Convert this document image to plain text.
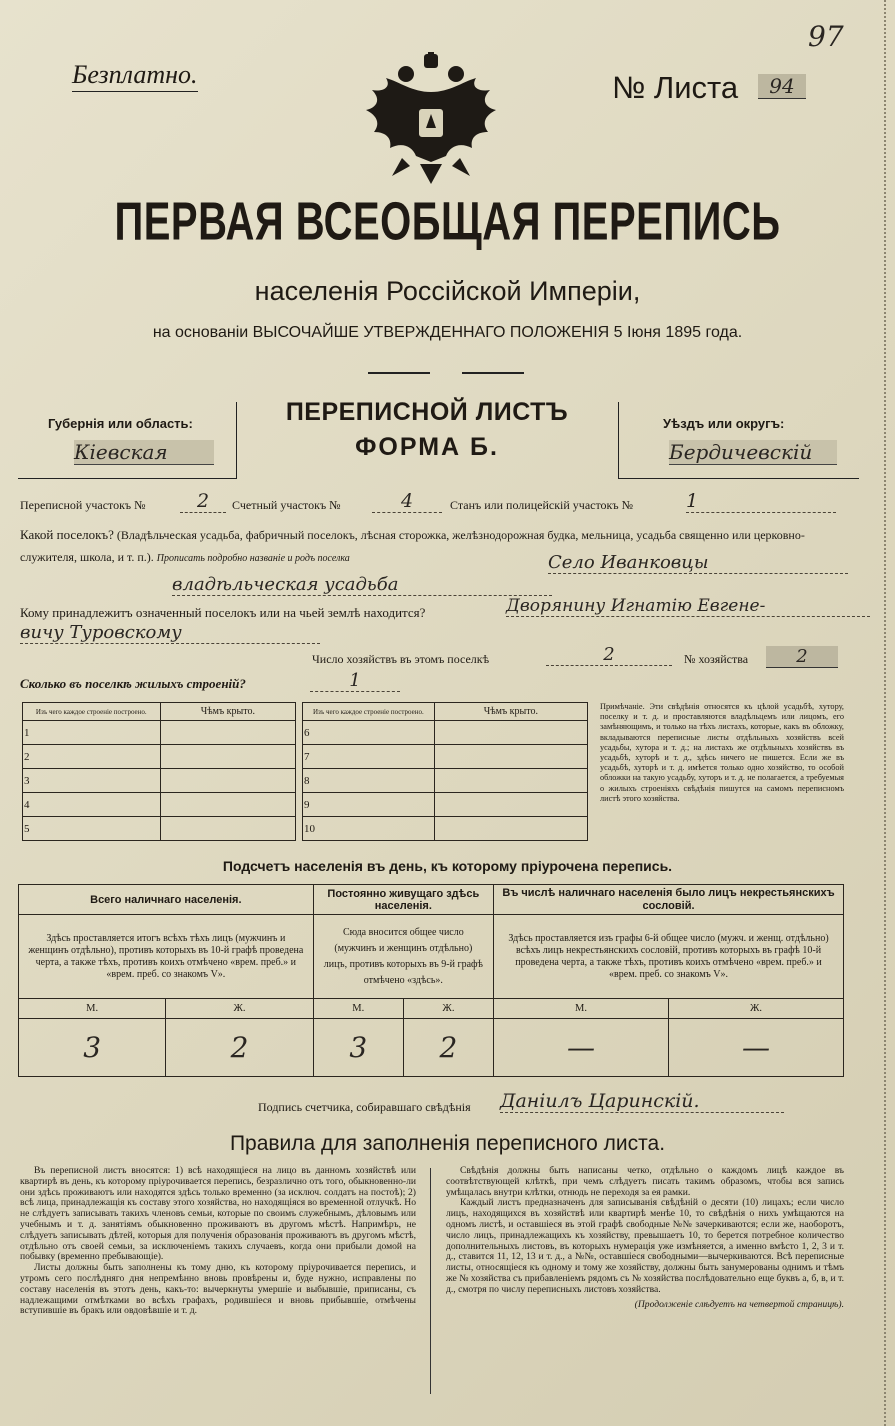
97
Безплатно.	№ Листа	94
ПЕРВАЯ ВСЕОБЩАЯ ПЕРЕПИСЬ
населенія Россійской Имперіи,
на основаніи ВЫСОЧАЙШЕ УТВЕРЖДЕННАГО ПОЛОЖЕНІЯ 5 Іюня 1895 года.
Губернія или область:
Кіевская
ПЕРЕПИСНОЙ ЛИСТЪ
ФОРМА Б.
Уѣздъ или округъ:
Бердичевскій
Переписной участокъ №	2	Счетный участокъ №	4	Станъ или полицейскій участокъ №	1
Какой поселокъ? (Владѣльческая усадьба, фабричный поселокъ, лѣсная сторожка, желѣзнодорожная будка, мельница, усадьба священно или церковно-служителя, школа, и т. п.). Прописать подробно названіе и родъ поселка	Село Иванковцы
владѣльческая усадьба
Кому принадлежитъ означенный поселокъ или на чьей землѣ находится?	Дворянину Игнатію Евгене-
вичу Туровскому
Число хозяйствъ въ этомъ поселкѣ	2	№ хозяйства	2
Сколько въ поселкѣ жилыхъ строеній?	1
Изъ чего каждое строеніе построено.	Чѣмъ крыто.		Изъ чего каждое строеніе построено.	Чѣмъ крыто.
1			6	
2			7	
3			8	
4			9	
5			10	
Примѣчаніе. Эти свѣдѣнія относятся къ цѣлой усадьбѣ, хутору, поселку и т. д. и проставляются владѣльцемъ или лицомъ, его замѣняющимъ, и только на тѣхъ листахъ, которые, какъ въ обложку, вкладываются переписные листы отдѣльныхъ хозяйствъ всей усадьбы, хутора и т. д.; на листахъ же отдѣльныхъ хозяйствъ въ усадьбѣ, хуторѣ и т. д., здѣсь ничего не пишется. Если же въ усадьбѣ, хуторѣ и т. д. имѣется только одно хозяйство, то особой обложки на такую усадьбу, хуторъ и т. д. не полагается, а требуемыя о жилыхъ строеніяхъ свѣдѣнія пишутся на самомъ переписномъ листѣ этого хозяйства.
Подсчетъ населенія въ день, къ которому пріурочена перепись.
Всего наличнаго населенія.		Постоянно живущаго здѣсь населенія.		Въ числѣ наличнаго населенія было лицъ некрестьянскихъ сословій.	
Здѣсь проставляется итогъ всѣхъ тѣхъ лицъ (мужчинъ и женщинъ отдѣльно), противъ которыхъ въ 10-й графѣ проведена черта, а также тѣхъ, противъ коихъ отмѣчено «врем. преб.» и «врем. преб. со знакомъ V».		Сюда вносится общее число (мужчинъ и женщинъ отдѣльно) лицъ, противъ которыхъ въ 9-й графѣ отмѣчено «здѣсь».		Здѣсь проставляется изъ графы 6-й общее число (мужч. и женщ. отдѣльно) всѣхъ лицъ некрестьянскихъ сословій, противъ которыхъ въ графѣ 10-й проведена черта, а также тѣхъ, противъ коихъ отмѣчено «врем. преб.» и «врем. преб. со знакомъ V».	
М.	Ж.	М.	Ж.	М.	Ж.
3	2	3	2	—	—
Подпись счетчика, собиравшаго свѣдѣнія Даніилъ Царинскій.
Правила для заполненія переписного листа.

Въ переписной листъ вносятся: 1) всѣ находящіеся на лицо въ данномъ хозяйствѣ или квартирѣ въ день, къ которому пріурочивается перепись, безразлично отъ того, обыкновенно-ли они здѣсь проживаютъ или находятся здѣсь только временно (за исключ. солдатъ на постоѣ); 2) всѣ лица, принадлежащія къ составу этого хозяйства, но находящіяся во временной отлучкѣ. Но не слѣдуетъ записывать такихъ членовъ семьи, которые по своимъ служебнымъ, дѣловымъ или учебнымъ и т. д. занятіямъ обыкновенно проживаютъ въ другомъ мѣстѣ. Напримѣръ, не слѣдуетъ записывать дѣтей, которыя для полученія образованія проживаютъ въ другомъ мѣстѣ, отдѣльно отъ своей семьи, за исключеніемъ такихъ случаевъ, когда они прибыли домой на побывку (временно пребывающіе).

Листы должны быть заполнены къ тому дню, къ которому пріурочивается перепись, и утромъ сего послѣдняго дня непремѣнно вновь провѣрены и, буде нужно, исправлены по составу населенія въ этотъ день, какъ-то: вычеркнуты умершіе и выбывшіе, приписаны, съ надлежащими отмѣтками во всѣхъ графахъ, родившіеся и вновь прибывшіе, отмѣчены вступившіе въ бракъ или овдовѣвшіе и т. д.

Свѣдѣнія должны быть написаны четко, отдѣльно о каждомъ лицѣ каждое въ соотвѣтствующей клѣткѣ, при чемъ слѣдуетъ писать такимъ образомъ, чтобы вся запись умѣщалась внутри клѣтки, отнюдь не переходя за ея рамки.

Каждый листъ предназначенъ для записыванія свѣдѣній о десяти (10) лицахъ; если число лицъ, находящихся въ хозяйствѣ или квартирѣ менѣе 10, то свѣдѣнія о нихъ умѣщаются на одномъ листѣ, и оставшіеся въ этой графѣ свободные №№ зачеркиваются; если же, наоборотъ, число лицъ, принадлежащихъ къ хозяйству, превышаетъ 10, то берется потребное количество дополнительныхъ листовъ, въ которыхъ нумерація уже измѣняется, а именно вмѣсто 1, 2, 3 и т. д., ставится 11, 12, 13 и т. д., а №№, оставшіеся свободными—вычеркиваются. Всѣ переписные листы, относящіеся къ одному и тому же хозяйству, должны быть занумерованы однимъ и тѣмъ же № хозяйства съ прибавленіемъ рядомъ съ № хозяйства послѣдовательно еще буквъ а, б, в, и т. д., смотря по числу переписныхъ листовъ хозяйства.

(Продолженіе слѣдуетъ на четвертой страницѣ).
